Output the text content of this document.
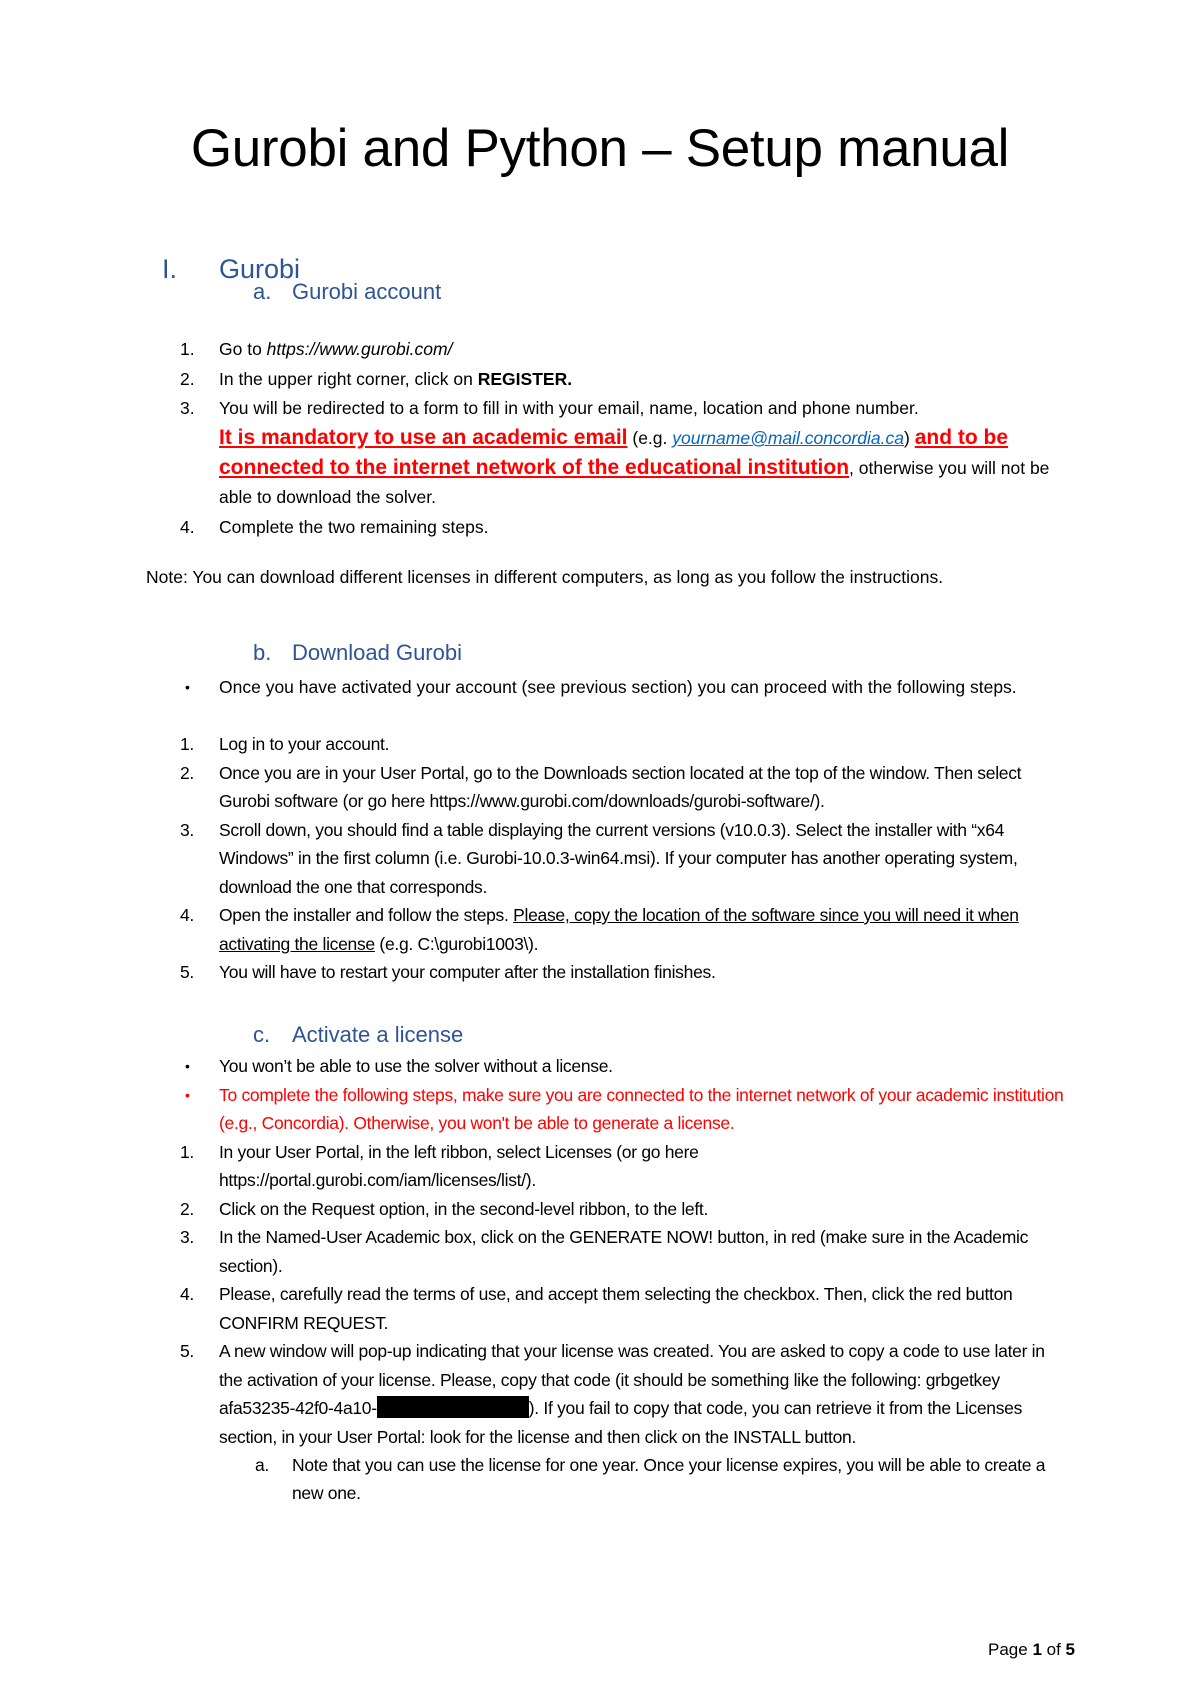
Gurobi and Python – Setup manual
I. Gurobi
a. Gurobi account
1. Go to https://www.gurobi.com/
2. In the upper right corner, click on REGISTER.
3. You will be redirected to a form to fill in with your email, name, location and phone number.
It is mandatory to use an academic email (e.g. yourname@mail.concordia.ca) and to be connected to the internet network of the educational institution, otherwise you will not be able to download the solver.
4. Complete the two remaining steps.
Note: You can download different licenses in different computers, as long as you follow the instructions.
b. Download Gurobi
• Once you have activated your account (see previous section) you can proceed with the following steps.
1. Log in to your account.
2. Once you are in your User Portal, go to the Downloads section located at the top of the window. Then select Gurobi software (or go here https://www.gurobi.com/downloads/gurobi-software/).
3. Scroll down, you should find a table displaying the current versions (v10.0.3). Select the installer with “x64 Windows” in the first column (i.e. Gurobi-10.0.3-win64.msi). If your computer has another operating system, download the one that corresponds.
4. Open the installer and follow the steps. Please, copy the location of the software since you will need it when activating the license (e.g. C:\gurobi1003\).
5. You will have to restart your computer after the installation finishes.
c. Activate a license
• You won’t be able to use the solver without a license.
• To complete the following steps, make sure you are connected to the internet network of your academic institution (e.g., Concordia). Otherwise, you won't be able to generate a license.
1. In your User Portal, in the left ribbon, select Licenses (or go here
https://portal.gurobi.com/iam/licenses/list/).
2. Click on the Request option, in the second-level ribbon, to the left.
3. In the Named-User Academic box, click on the GENERATE NOW! button, in red (make sure in the Academic section).
4. Please, carefully read the terms of use, and accept them selecting the checkbox. Then, click the red button CONFIRM REQUEST.
5. A new window will pop-up indicating that your license was created. You are asked to copy a code to use later in the activation of your license. Please, copy that code (it should be something like the following: grbgetkey afa53235-42f0-4a10-	). If you fail to copy that code, you can retrieve it from the Licenses section, in your User Portal: look for the license and then click on the INSTALL button.
a. Note that you can use the license for one year. Once your license expires, you will be able to create a new one.
Page 1 of 5
